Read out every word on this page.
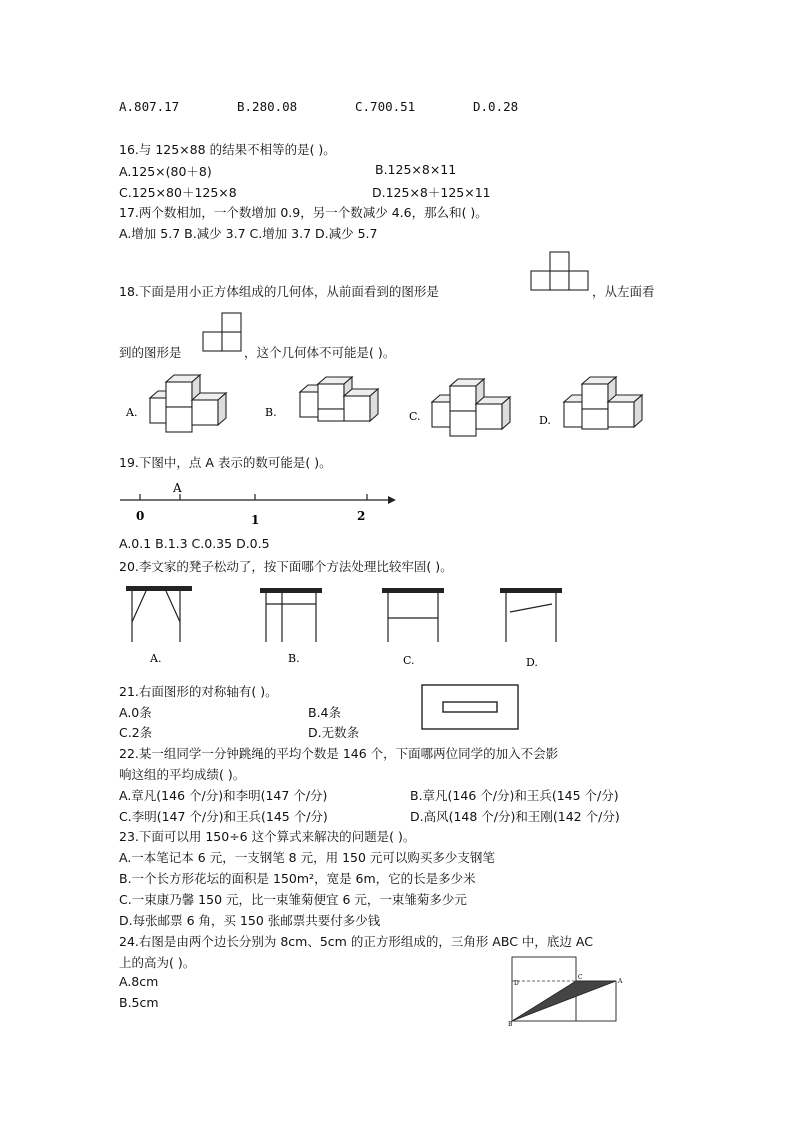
A.807.17	B.280.08	C.700.51	D.0.28
16.与 125×88 的结果不相等的是( )。
A.125×(80＋8)	B.125×8×11
C.125×80＋125×8	D.125×8＋125×11
17.两个数相加，一个数增加 0.9，另一个数减少 4.6，那么和( )。
A.增加 5.7 B.减少 3.7 C.增加 3.7 D.减少 5.7
18.下面是用小正方体组成的几何体，从前面看到的图形是	，从左面看
到的图形是	，这个几何体不可能是( )。
A.	B.	C.	D.
19.下图中，点 A 表示的数可能是( )。
A
0	1	2
A.0.1 B.1.3 C.0.35 D.0.5
20.李文家的凳子松动了，按下面哪个方法处理比较牢固( )。
A.	B.	C.	D.
21.右面图形的对称轴有( )。
A.0条	B.4条
C.2条	D.无数条
22.某一组同学一分钟跳绳的平均个数是 146 个，下面哪两位同学的加入不会影
响这组的平均成绩( )。
A.章凡(146 个/分)和李明(147 个/分)	B.章凡(146 个/分)和王兵(145 个/分)
C.李明(147 个/分)和王兵(145 个/分)	D.高风(148 个/分)和王刚(142 个/分)
23.下面可以用 150÷6 这个算式来解决的问题是( )。
A.一本笔记本 6 元，一支钢笔 8 元，用 150 元可以购买多少支钢笔
B.一个长方形花坛的面积是 150m²，宽是 6m，它的长是多少米
C.一束康乃馨 150 元，比一束雏菊便宜 6 元，一束雏菊多少元
D.每张邮票 6 角，买 150 张邮票共要付多少钱
24.右图是由两个边长分别为 8cm、5cm 的正方形组成的，三角形 ABC 中，底边 AC
上的高为( )。
A.8cm
B.5cm
B
C
A
D
